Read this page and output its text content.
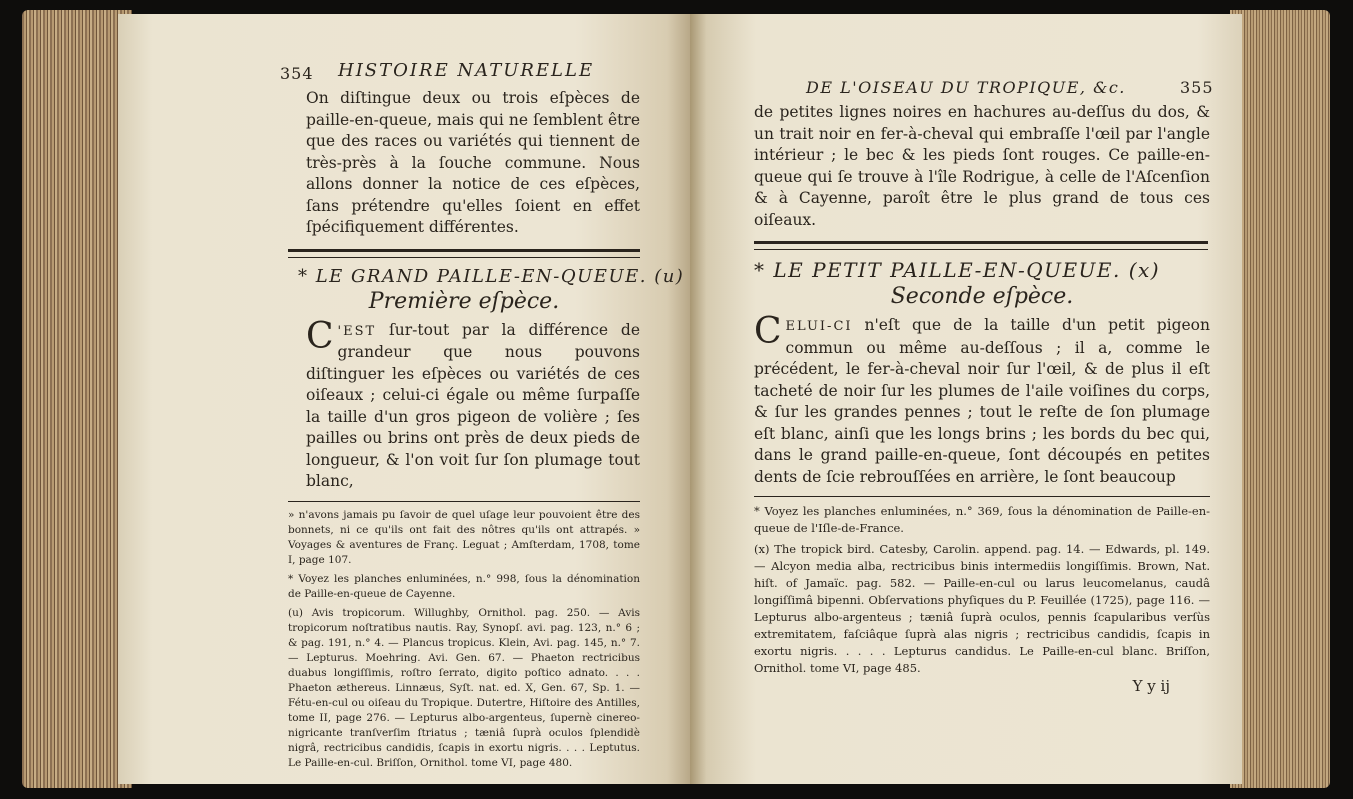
DE L'OISEAU DU TROPIQUE, &c.	355

de petites lignes noires en hachures au-deſſus du dos, & un trait noir en fer-à-cheval qui embraſſe l'œil par l'angle intérieur ; le bec & les pieds ſont rouges. Ce paille-en-queue qui ſe trouve à l'île Rodrigue, à celle de l'Aſcenſion & à Cayenne, paroît être le plus grand de tous ces oiſeaux.

* LE PETIT PAILLE-EN-QUEUE. (x)
Seconde eſpèce.

CELUI-CI n'eſt que de la taille d'un petit pigeon commun ou même au-deſſous ; il a, comme le précédent, le fer-à-cheval noir ſur l'œil, & de plus il eſt tacheté de noir ſur les plumes de l'aile voiſines du corps, & ſur les grandes pennes ; tout le reſte de ſon plumage eſt blanc, ainſi que les longs brins ; les bords du bec qui, dans le grand paille-en-queue, ſont découpés en petites dents de ſcie rebrouſſées en arrière, le ſont beaucoup

* Voyez les planches enluminées, n.° 369, ſous la dénomination de Paille-en-queue de l'Iſle-de-France.

(x) The tropick bird. Catesby, Carolin. append. pag. 14. — Edwards, pl. 149. — Alcyon media alba, rectricibus binis intermediis longiſſimis. Brown, Nat. hiſt. of Jamaïc. pag. 582. — Paille-en-cul ou larus leucomelanus, caudâ longiſſimâ bipenni. Obſervations phyſiques du P. Feuillée (1725), page 116. — Lepturus albo-argenteus ; tæniâ ſuprà oculos, pennis ſcapularibus verſùs extremitatem, faſciâque ſuprà alas nigris ; rectricibus candidis, ſcapis in exortu nigris. . . . . Lepturus candidus. Le Paille-en-cul blanc. Briſſon, Ornithol. tome VI, page 485.

Y y ij
354 HISTOIRE NATURELLE

On diſtingue deux ou trois eſpèces de paille-en-queue, mais qui ne ſemblent être que des races ou variétés qui tiennent de très-près à la ſouche commune. Nous allons donner la notice de ces eſpèces, ſans prétendre qu'elles ſoient en effet ſpécifiquement différentes.

* LE GRAND PAILLE-EN-QUEUE. (u)
Première eſpèce.

C 'EST ſur-tout par la différence de grandeur que nous pouvons diſtinguer les eſpèces ou variétés de ces oiſeaux ; celui-ci égale ou même ſurpaſſe la taille d'un gros pigeon de volière ; ſes pailles ou brins ont près de deux pieds de longueur, & l'on voit ſur ſon plumage tout blanc,

» n'avons jamais pu ſavoir de quel uſage leur pouvoient être des bonnets, ni ce qu'ils ont fait des nôtres qu'ils ont attrapés. » Voyages & aventures de Franç. Leguat ; Amſterdam, 1708, tome I, page 107.

* Voyez les planches enluminées, n.° 998, ſous la dénomination de Paille-en-queue de Cayenne.

(u) Avis tropicorum. Willughby, Ornithol. pag. 250. — Avis tropicorum noſtratibus nautis. Ray, Synopſ. avi. pag. 123, n.° 6 ; & pag. 191, n.° 4. — Plancus tropicus. Klein, Avi. pag. 145, n.° 7. — Lepturus. Moehring. Avi. Gen. 67. — Phaeton rectricibus duabus longiſſimis, roſtro ſerrato, digito poſtico adnato. . . . Phaeton æthereus. Linnæus, Syſt. nat. ed. X, Gen. 67, Sp. 1. — Fétu-en-cul ou oiſeau du Tropique. Dutertre, Hiſtoire des Antilles, tome II, page 276. — Lepturus albo-argenteus, ſupernè cinereo-nigricante tranſverſim ſtriatus ; tæniâ ſuprà oculos ſplendidè nigrâ, rectricibus candidis, ſcapis in exortu nigris. . . . Leptutus. Le Paille-en-cul. Briſſon, Ornithol. tome VI, page 480.
